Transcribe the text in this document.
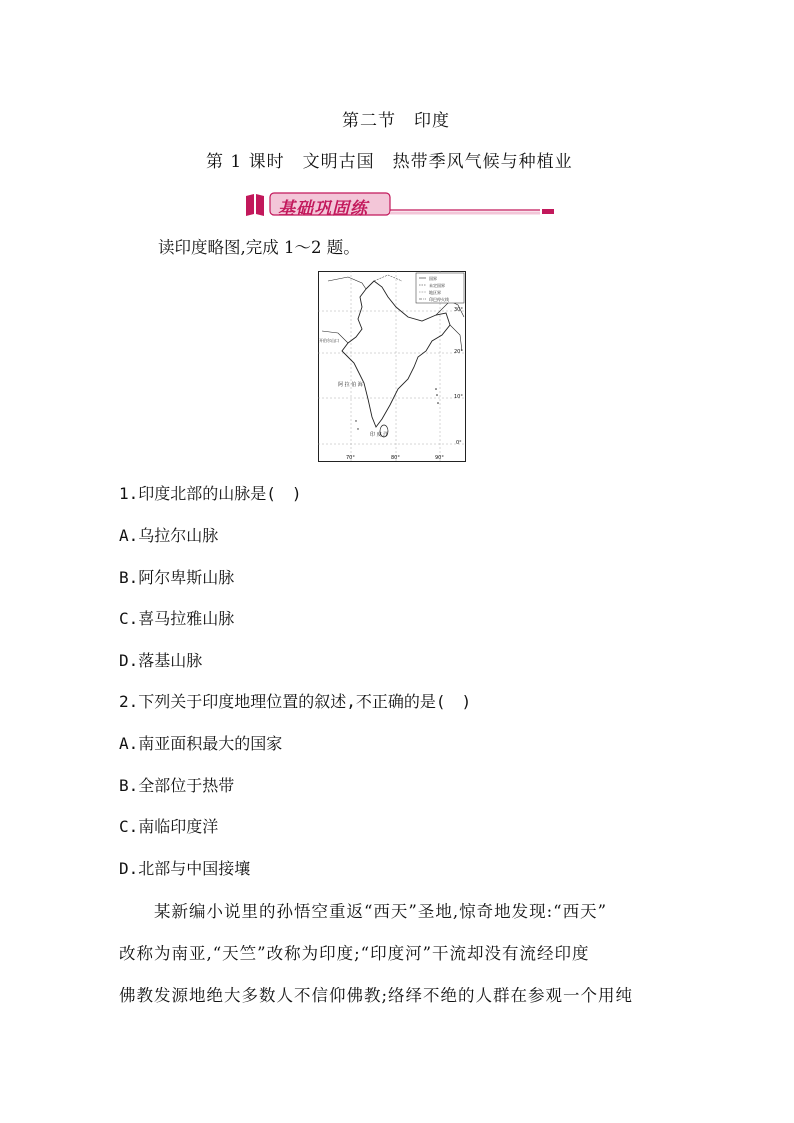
第二节　印度
第 1 课时　文明古国　热带季风气候与种植业
基础巩固练
读印度略图,完成 1～2 题。
国界
未定国界
地区界
印巴停火线
阿 拉 伯 海
印 度 洋
开伯尔山口
30°
20°
10°
0°
70°	80°	90°
1.印度北部的山脉是(　)
A.乌拉尔山脉
B.阿尔卑斯山脉
C.喜马拉雅山脉
D.落基山脉
2.下列关于印度地理位置的叙述,不正确的是(　)
A.南亚面积最大的国家
B.全部位于热带
C.南临印度洋
D.北部与中国接壤
　　某新编小说里的孙悟空重返“西天”圣地,惊奇地发现:“西天”
改称为南亚,“天竺”改称为印度;“印度河”干流却没有流经印度
佛教发源地绝大多数人不信仰佛教;络绎不绝的人群在参观一个用纯
